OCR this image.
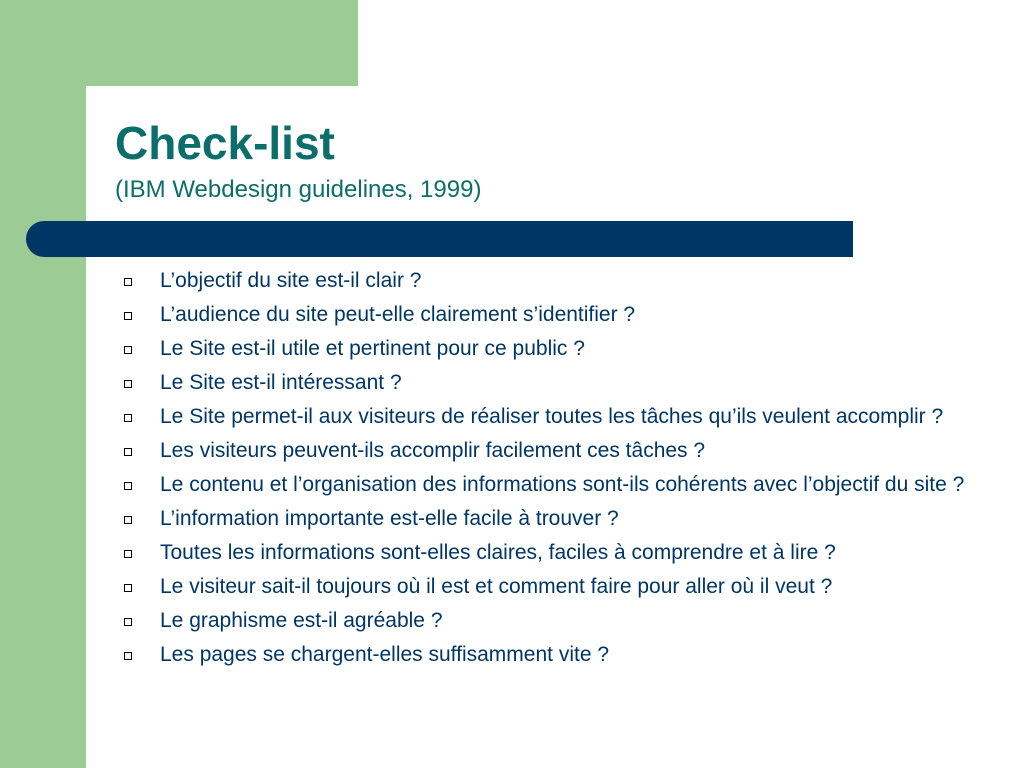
Check-list

(IBM Webdesign guidelines, 1999)

L’objectif du site est-il clair ?
L’audience du site peut-elle clairement s’identifier ?
Le Site est-il utile et pertinent pour ce public ?
Le Site est-il intéressant ?
Le Site permet-il aux visiteurs de réaliser toutes les tâches qu’ils veulent accomplir ?
Les visiteurs peuvent-ils accomplir facilement ces tâches ?
Le contenu et l’organisation des informations sont-ils cohérents avec l’objectif du site ?
L’information importante est-elle facile à trouver ?
Toutes les informations sont-elles claires, faciles à comprendre et à lire ?
Le visiteur sait-il toujours où il est et comment faire pour aller où il veut ?
Le graphisme est-il agréable ?
Les pages se chargent-elles suffisamment vite ?
